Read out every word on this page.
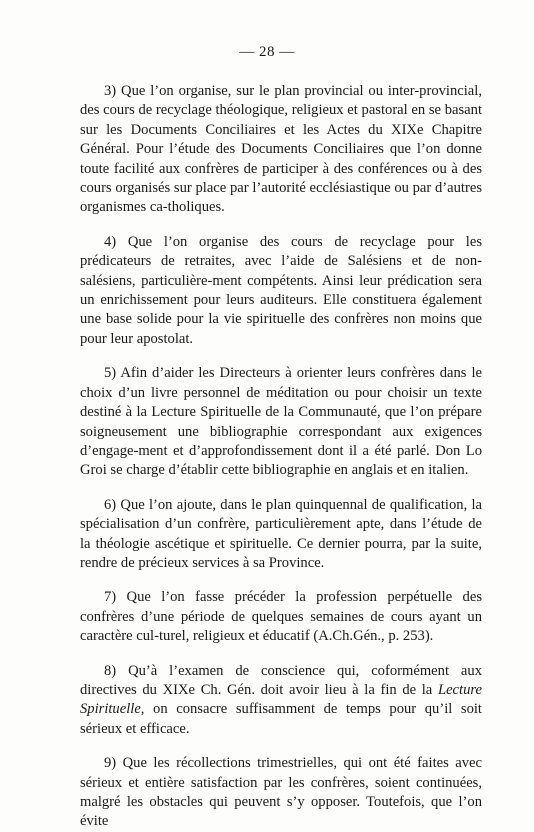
— 28 —

3) Que l’on organise, sur le plan provincial ou inter-provincial, des cours de recyclage théologique, religieux et pastoral en se basant sur les Documents Conciliaires et les Actes du XIXe Chapitre Général. Pour l’étude des Documents Conciliaires que l’on donne toute facilité aux confrères de participer à des conférences ou à des cours organisés sur place par l’autorité ecclésiastique ou par d’autres organismes ca-tholiques.

4) Que l’on organise des cours de recyclage pour les prédicateurs de retraites, avec l’aide de Salésiens et de non-salésiens, particulière-ment compétents. Ainsi leur prédication sera un enrichissement pour leurs auditeurs. Elle constituera également une base solide pour la vie spirituelle des confrères non moins que pour leur apostolat.

5) Afin d’aider les Directeurs à orienter leurs confrères dans le choix d’un livre personnel de méditation ou pour choisir un texte destiné à la Lecture Spirituelle de la Communauté, que l’on prépare soigneusement une bibliographie correspondant aux exigences d’engage-ment et d’approfondissement dont il a été parlé. Don Lo Groi se charge d’établir cette bibliographie en anglais et en italien.

6) Que l’on ajoute, dans le plan quinquennal de qualification, la spécialisation d’un confrère, particulièrement apte, dans l’étude de la théologie ascétique et spirituelle. Ce dernier pourra, par la suite, rendre de précieux services à sa Province.

7) Que l’on fasse précéder la profession perpétuelle des confrères d’une période de quelques semaines de cours ayant un caractère cul-turel, religieux et éducatif (A.Ch.Gén., p. 253).

8) Qu’à l’examen de conscience qui, coformément aux directives du XIXe Ch. Gén. doit avoir lieu à la fin de la Lecture Spirituelle, on consacre suffisamment de temps pour qu’il soit sérieux et efficace.

9) Que les récollections trimestrielles, qui ont été faites avec sérieux et entière satisfaction par les confrères, soient continuées, malgré les obstacles qui peuvent s’y opposer. Toutefois, que l’on évite
